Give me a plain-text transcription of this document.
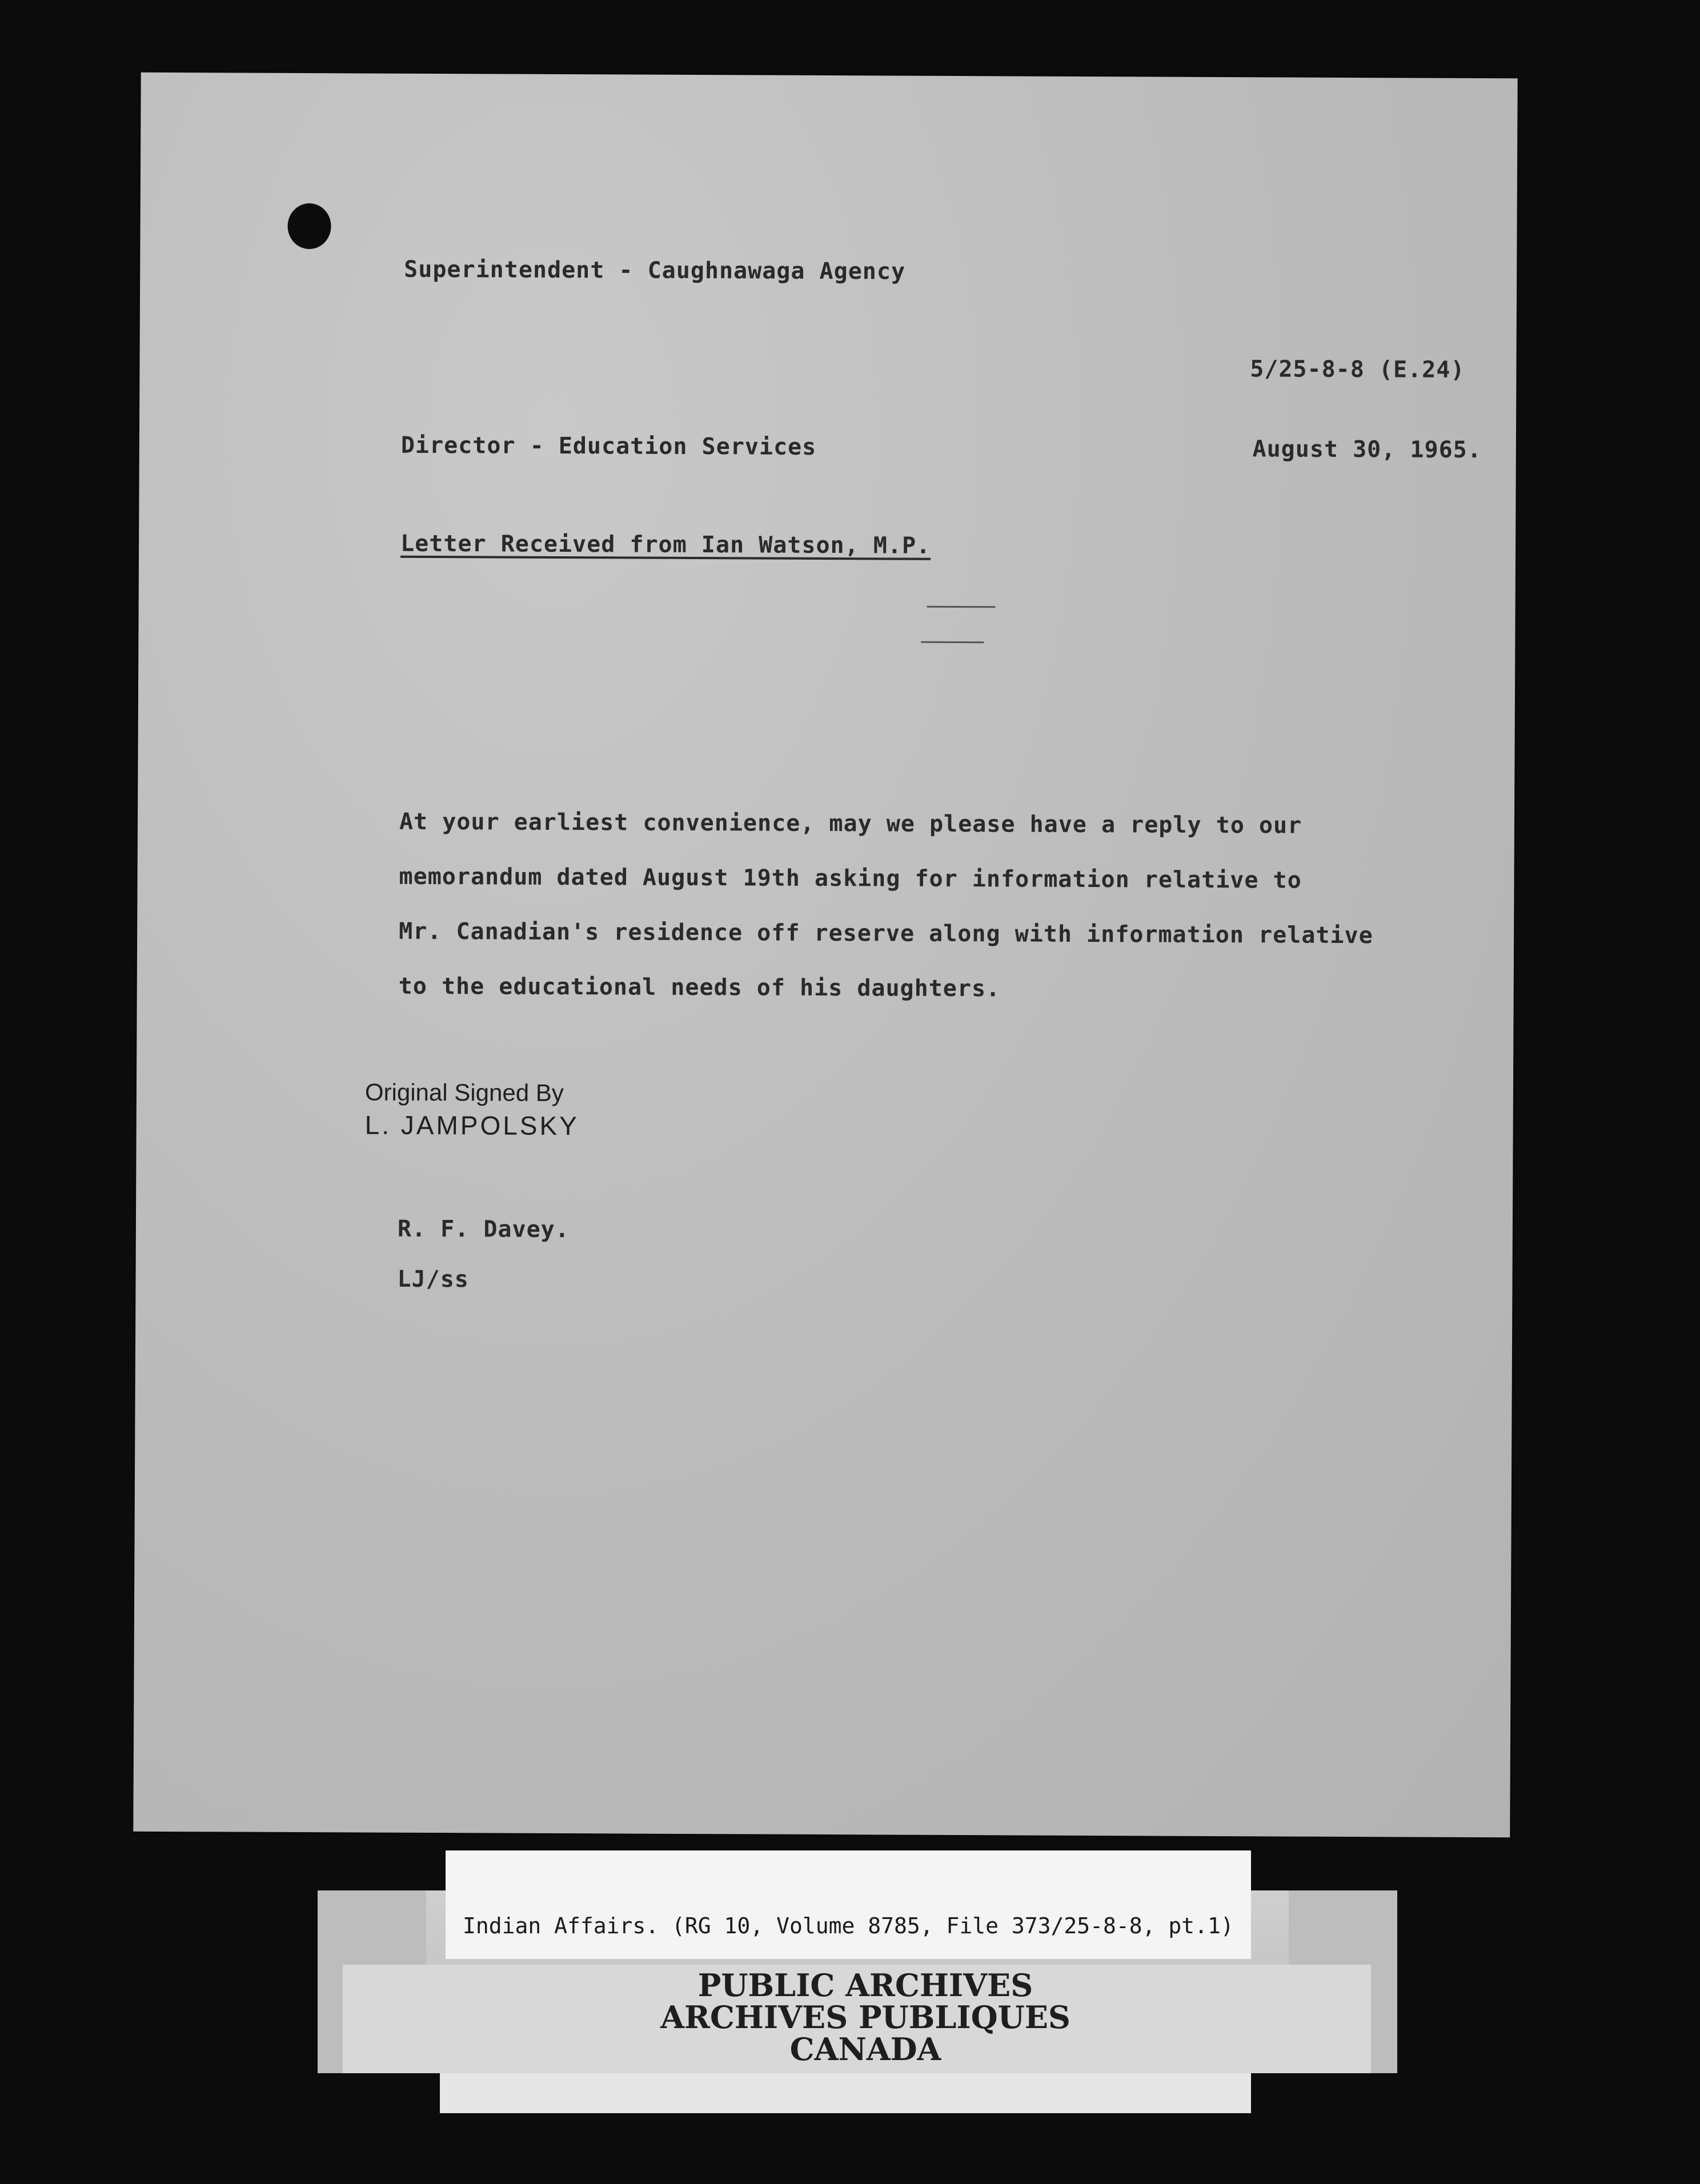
Superintendent - Caughnawaga Agency
5/25-8-8 (E.24)
Director - Education Services	August 30, 1965.
Letter Received from Ian Watson, M.P.
At your earliest convenience, may we please have a reply to our
memorandum dated August 19th asking for information relative to
Mr. Canadian's residence off reserve along with information relative
to the educational needs of his daughters.
Original Signed By
L. JAMPOLSKY
R. F. Davey.
LJ/ss
Indian Affairs. (RG 10, Volume 8785, File 373/25-8-8, pt.1)
PUBLIC ARCHIVES
ARCHIVES PUBLIQUES
CANADA
